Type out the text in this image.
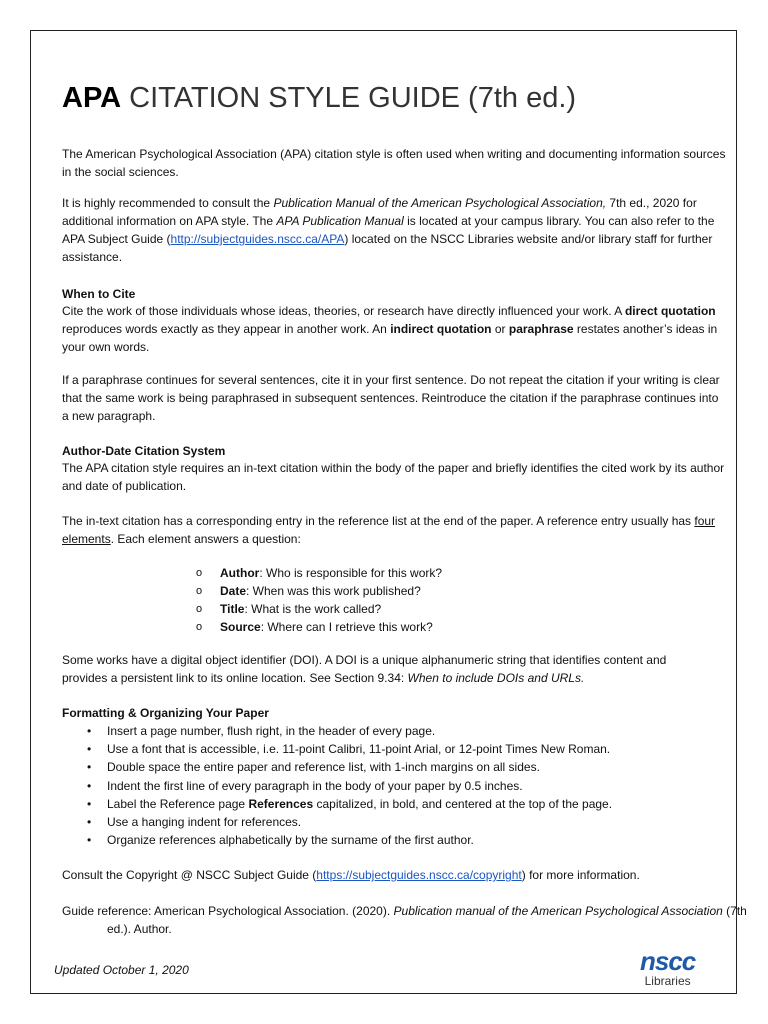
APA CITATION STYLE GUIDE (7th ed.)

The American Psychological Association (APA) citation style is often used when writing and documenting information sources in the social sciences.

It is highly recommended to consult the Publication Manual of the American Psychological Association, 7th ed., 2020 for additional information on APA style. The APA Publication Manual is located at your campus library. You can also refer to the APA Subject Guide (http://subjectguides.nscc.ca/APA) located on the NSCC Libraries website and/or library staff for further assistance.

When to Cite

Cite the work of those individuals whose ideas, theories, or research have directly influenced your work. A direct quotation reproduces words exactly as they appear in another work. An indirect quotation or paraphrase restates another’s ideas in your own words.

If a paraphrase continues for several sentences, cite it in your first sentence. Do not repeat the citation if your writing is clear that the same work is being paraphrased in subsequent sentences. Reintroduce the citation if the paraphrase continues into a new paragraph.

Author-Date Citation System

The APA citation style requires an in-text citation within the body of the paper and briefly identifies the cited work by its author and date of publication.

The in-text citation has a corresponding entry in the reference list at the end of the paper. A reference entry usually has four elements. Each element answers a question:

o Author: Who is responsible for this work?
o Date: When was this work published?
o Title: What is the work called?
o Source: Where can I retrieve this work?

Some works have a digital object identifier (DOI). A DOI is a unique alphanumeric string that identifies content and provides a persistent link to its online location. See Section 9.34: When to include DOIs and URLs.

Formatting & Organizing Your Paper

• Insert a page number, flush right, in the header of every page.
• Use a font that is accessible, i.e. 11-point Calibri, 11-point Arial, or 12-point Times New Roman.
• Double space the entire paper and reference list, with 1-inch margins on all sides.
• Indent the first line of every paragraph in the body of your paper by 0.5 inches.
• Label the Reference page References capitalized, in bold, and centered at the top of the page.
• Use a hanging indent for references.
• Organize references alphabetically by the surname of the first author.

Consult the Copyright @ NSCC Subject Guide (https://subjectguides.nscc.ca/copyright) for more information.

Guide reference: American Psychological Association. (2020). Publication manual of the American Psychological Association (7th ed.). Author.

Updated October 1, 2020	nscc
Libraries
